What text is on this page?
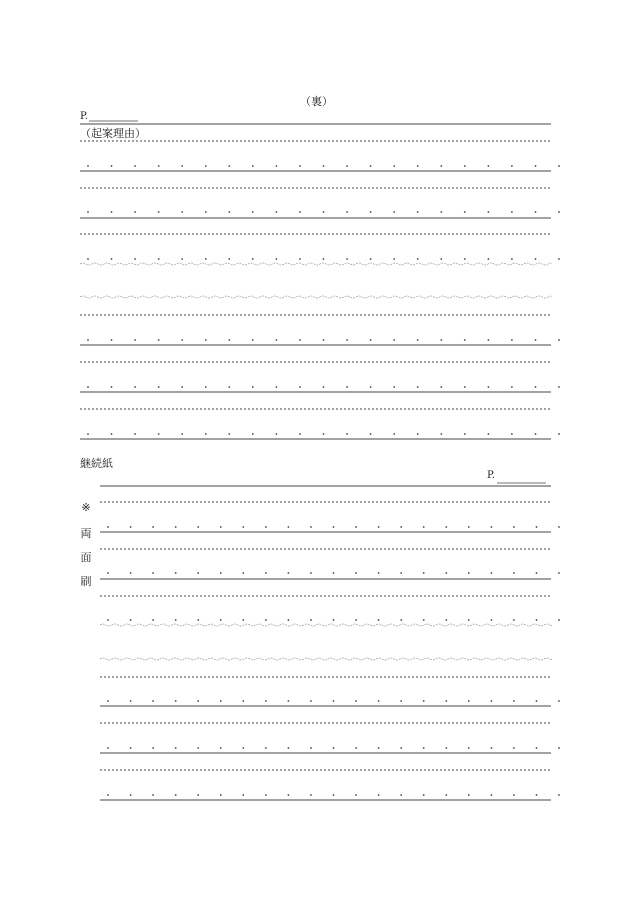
（裏）
P.
（起案理由）
継続紙
P.
※
両
面
刷
